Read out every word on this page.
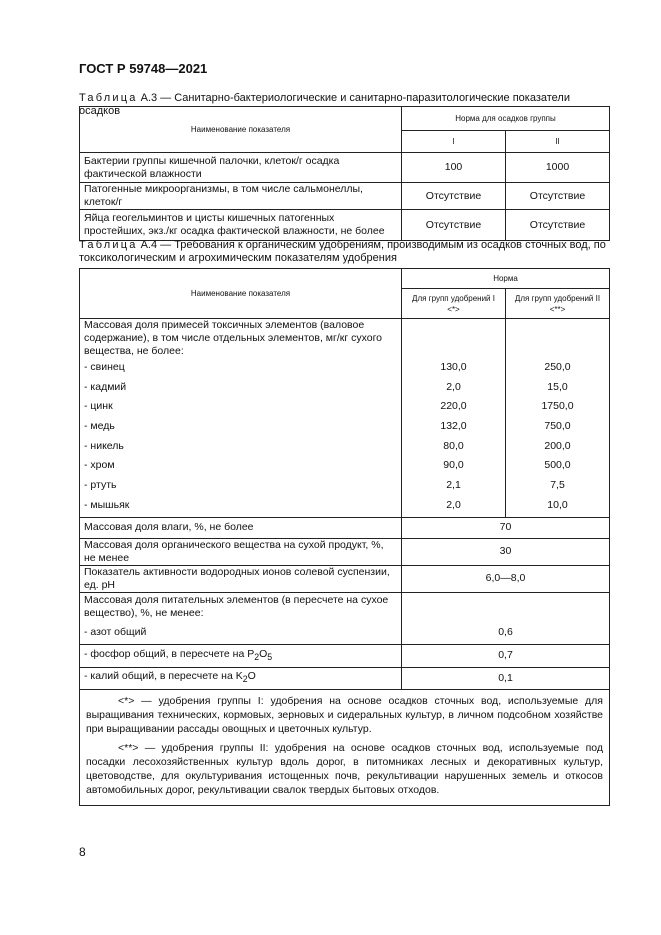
ГОСТ Р 59748—2021
Таблица А.3 — Санитарно-бактериологические и санитарно-паразитологические показатели осадков
Наименование показателя	Норма для осадков группы	
	I	II
Бактерии группы кишечной палочки, клеток/г осадка фактической влажности	100	1000
Патогенные микроорганизмы, в том числе сальмонеллы, клеток/г	Отсутствие	Отсутствие
Яйца геогельминтов и цисты кишечных патогенных простейших, экз./кг осадка фактической влажности, не более	Отсутствие	Отсутствие
Таблица А.4 — Требования к органическим удобрениям, производимым из осадков сточных вод, по токсикологическим и агрохимическим показателям удобрения
Наименование показателя	Норма	
	Для групп удобрений I <*>	Для групп удобрений II <**>
Массовая доля примесей токсичных элементов (валовое содержание), в том числе отдельных элементов, мг/кг сухого вещества, не более:		
- свинец	130,0	250,0
- кадмий	2,0	15,0
- цинк	220,0	1750,0
- медь	132,0	750,0
- никель	80,0	200,0
- хром	90,0	500,0
- ртуть	2,1	7,5
- мышьяк	2,0	10,0
Массовая доля влаги, %, не более	70	
Массовая доля органического вещества на сухой продукт, %, не менее	30	
Показатель активности водородных ионов солевой суспензии, ед. рН	6,0—8,0	
Массовая доля питательных элементов (в пересчете на сухое вещество), %, не менее:		
- азот общий	0,6	
- фосфор общий, в пересчете на $P_2O_5$	0,7	
- калий общий, в пересчете на $K_2O$	0,1	

<*> — удобрения группы I: удобрения на основе осадков сточных вод, используемые для выращивания технических, кормовых, зерновых и сидеральных культур, в личном подсобном хозяйстве при выращивании рассады овощных и цветочных культур.
<**> — удобрения группы II: удобрения на основе осадков сточных вод, используемые под посадки лесохозяйственных культур вдоль дорог, в питомниках лесных и декоративных культур, цветоводстве, для окультуривания истощенных почв, рекультивации нарушенных земель и откосов автомобильных дорог, рекультивации свалок твердых бытовых отходов.		
8
